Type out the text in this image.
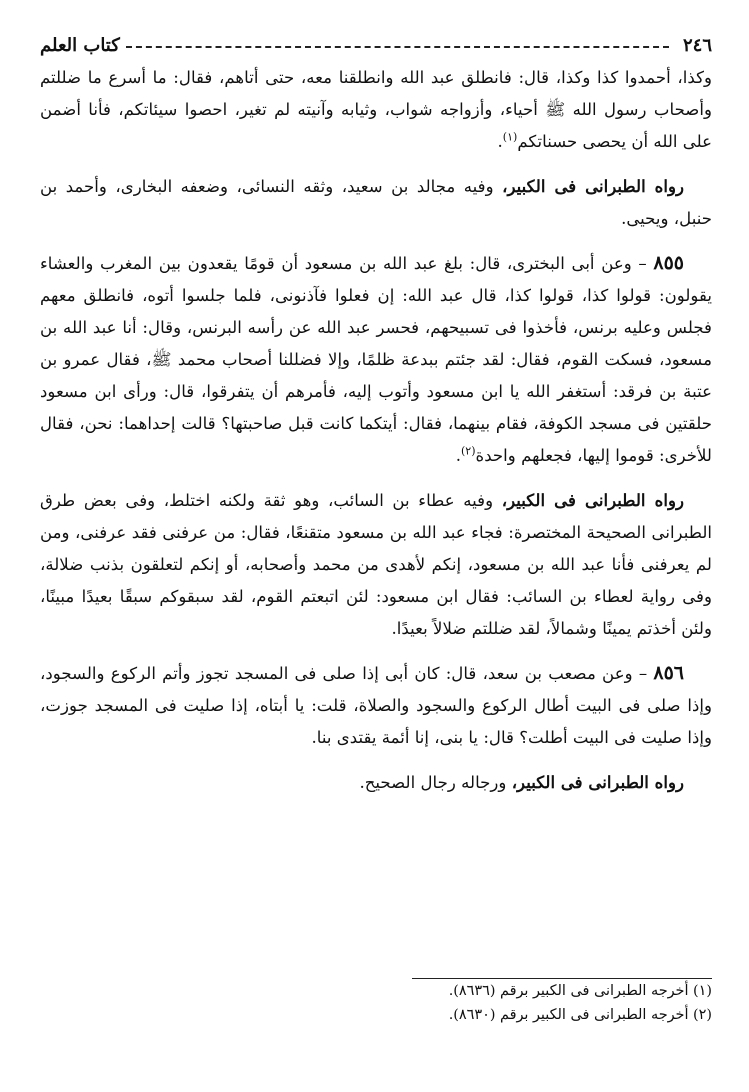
٢٤٦
كتاب العلم

وكذا، أحمدوا كذا وكذا، قال: فانطلق عبد الله وانطلقنا معه، حتى أتاهم، فقال: ما أسرع ما ضللتم وأصحاب رسول الله ﷺ أحياء، وأزواجه شواب، وثيابه وآنيته لم تغير، احصوا سيئاتكم، فأنا أضمن على الله أن يحصى حسناتكم$^{(١)}$.

رواه الطبرانى فى الكبير، وفيه مجالد بن سعيد، وثقه النسائى، وضعفه البخارى، وأحمد بن حنبل، ويحيى.

٨٥٥ – وعن أبى البخترى، قال: بلغ عبد الله بن مسعود أن قومًا يقعدون بين المغرب والعشاء يقولون: قولوا كذا، قولوا كذا، قال عبد الله: إن فعلوا فآذنونى، فلما جلسوا أتوه، فانطلق معهم فجلس وعليه برنس، فأخذوا فى تسبيحهم، فحسر عبد الله عن رأسه البرنس، وقال: أنا عبد الله بن مسعود، فسكت القوم، فقال: لقد جئتم ببدعة ظلمًا، وإلا فضللنا أصحاب محمد ﷺ، فقال عمرو بن عتبة بن فرقد: أستغفر الله يا ابن مسعود وأتوب إليه، فأمرهم أن يتفرقوا، قال: ورأى ابن مسعود حلقتين فى مسجد الكوفة، فقام بينهما، فقال: أيتكما كانت قبل صاحبتها؟ قالت إحداهما: نحن، فقال للأخرى: قوموا إليها، فجعلهم واحدة$^{(٢)}$.

رواه الطبرانى فى الكبير، وفيه عطاء بن السائب، وهو ثقة ولكنه اختلط، وفى بعض طرق الطبرانى الصحيحة المختصرة: فجاء عبد الله بن مسعود متقنعًا، فقال: من عرفنى فقد عرفنى، ومن لم يعرفنى فأنا عبد الله بن مسعود، إنكم لأهدى من محمد وأصحابه، أو إنكم لتعلقون بذنب ضلالة، وفى رواية لعطاء بن السائب: فقال ابن مسعود: لئن اتبعتم القوم، لقد سبقوكم سبقًا بعيدًا مبينًا، ولئن أخذتم يمينًا وشمالاً، لقد ضللتم ضلالاً بعيدًا.

٨٥٦ – وعن مصعب بن سعد، قال: كان أبى إذا صلى فى المسجد تجوز وأتم الركوع والسجود، وإذا صلى فى البيت أطال الركوع والسجود والصلاة، قلت: يا أبتاه، إذا صليت فى المسجد جوزت، وإذا صليت فى البيت أطلت؟ قال: يا بنى، إنا أئمة يقتدى بنا.

رواه الطبرانى فى الكبير، ورجاله رجال الصحيح.

(١) أخرجه الطبرانى فى الكبير برقم (٨٦٣٦).

(٢) أخرجه الطبرانى فى الكبير برقم (٨٦٣٠).
